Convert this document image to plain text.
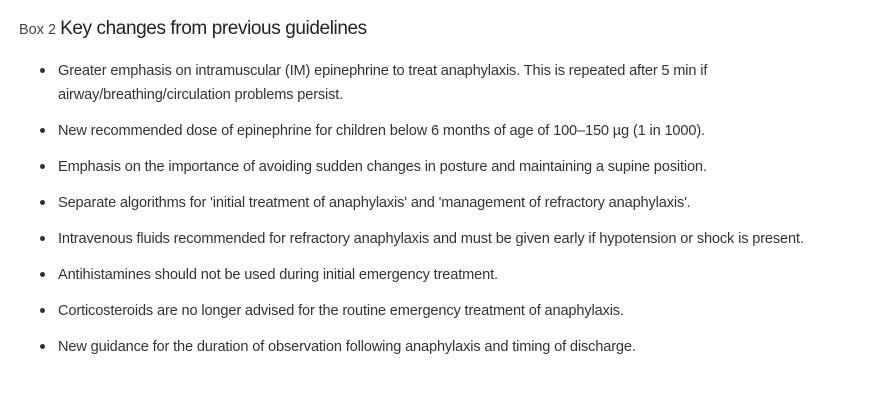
Box 2 Key changes from previous guidelines
Greater emphasis on intramuscular (IM) epinephrine to treat anaphylaxis. This is repeated after 5 min if airway/breathing/circulation problems persist.
New recommended dose of epinephrine for children below 6 months of age of 100–150 µg (1 in 1000).
Emphasis on the importance of avoiding sudden changes in posture and maintaining a supine position.
Separate algorithms for 'initial treatment of anaphylaxis' and 'management of refractory anaphylaxis'.
Intravenous fluids recommended for refractory anaphylaxis and must be given early if hypotension or shock is present.
Antihistamines should not be used during initial emergency treatment.
Corticosteroids are no longer advised for the routine emergency treatment of anaphylaxis.
New guidance for the duration of observation following anaphylaxis and timing of discharge.
